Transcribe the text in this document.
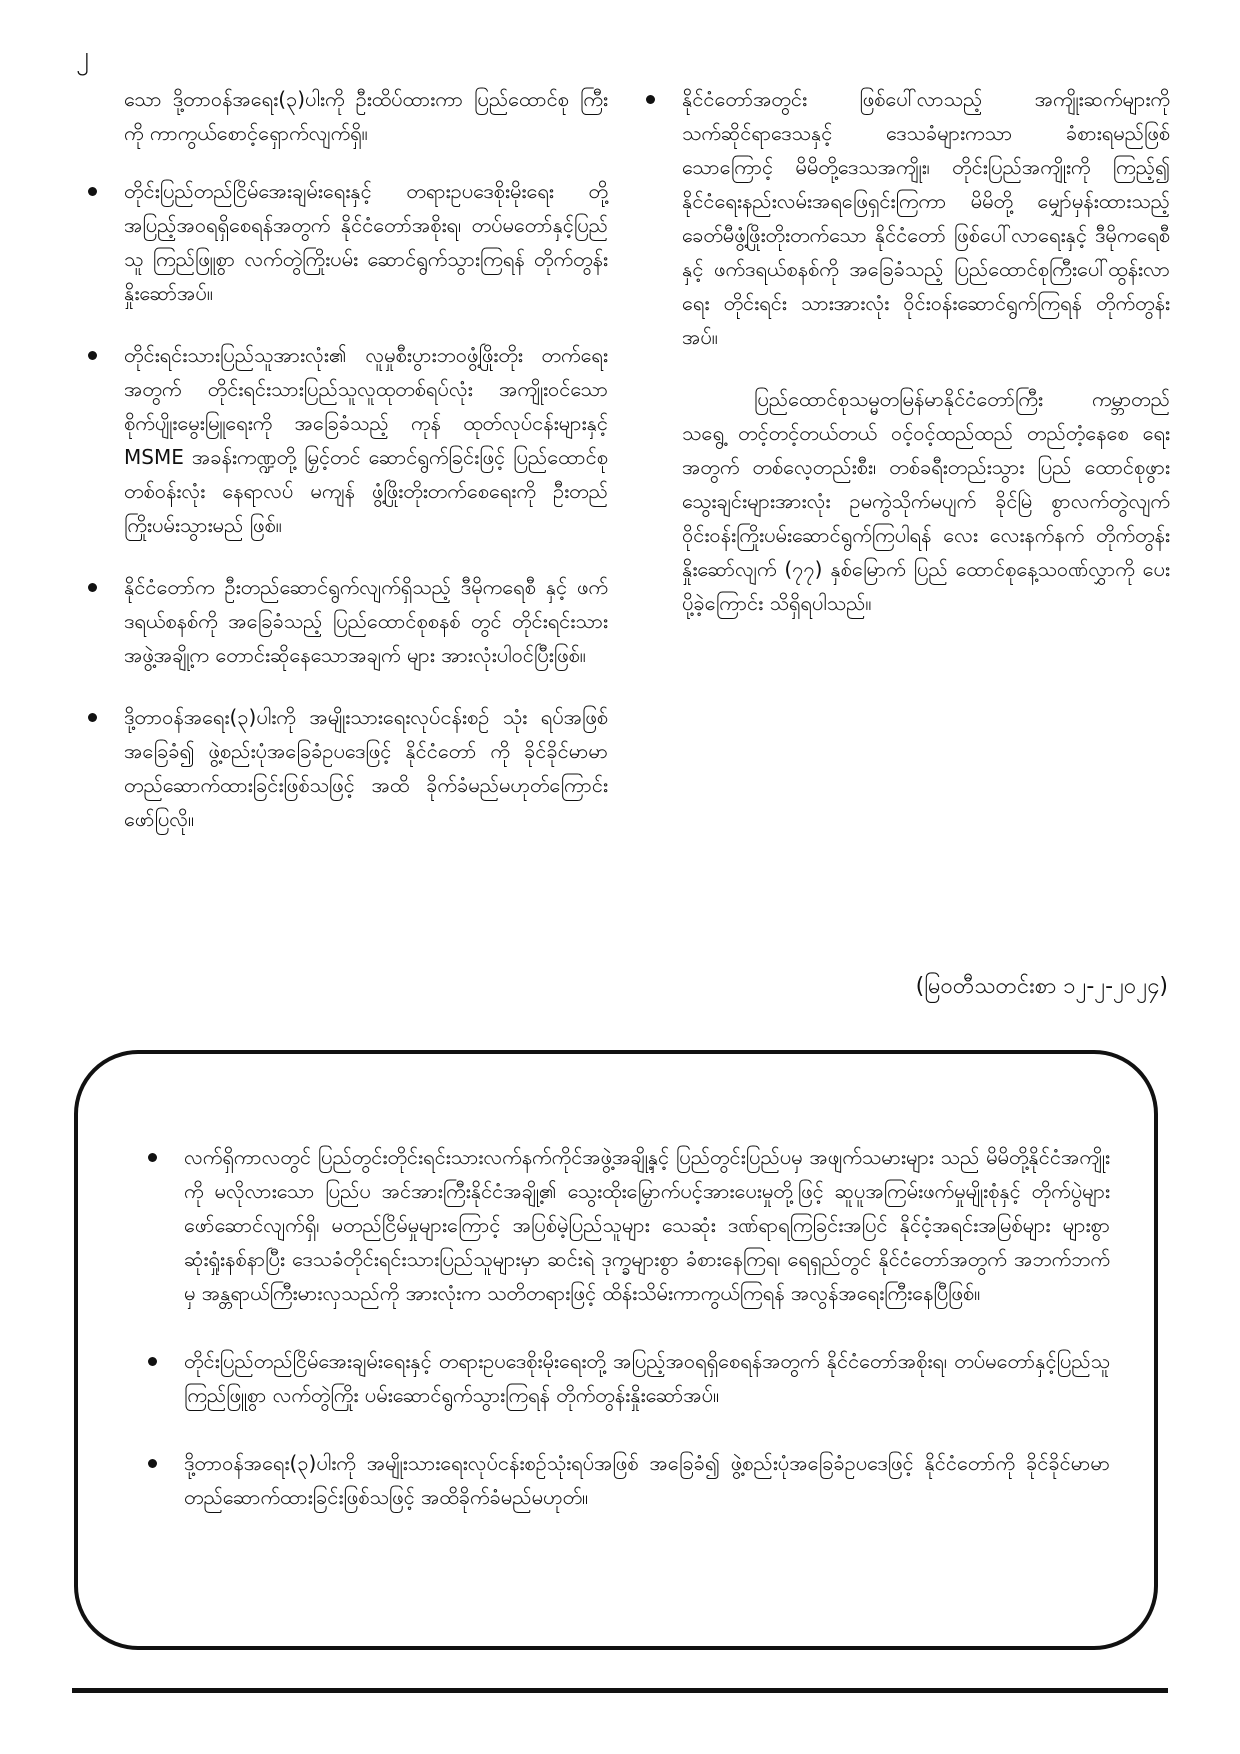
၂

သော ဒို့တာဝန်အရေး(၃)ပါးကို ဦးထိပ်ထားကာ ပြည်ထောင်စု ကြီးကို ကာကွယ်စောင့်ရှောက်လျက်ရှိ။

တိုင်းပြည်တည်ငြိမ်အေးချမ်းရေးနှင့် တရားဥပဒေစိုးမိုးရေး တို့ အပြည့်အဝရရှိစေရန်အတွက် နိုင်ငံတော်အစိုးရ၊ တပ်မတော်နှင့်ပြည်သူ ကြည်ဖြူစွာ လက်တွဲကြိုးပမ်း ဆောင်ရွက်သွားကြရန် တိုက်တွန်းနှိုးဆော်အပ်။
တိုင်းရင်းသားပြည်သူအားလုံး၏ လူမှုစီးပွားဘဝဖွံ့ဖြိုးတိုး တက်ရေးအတွက် တိုင်းရင်းသားပြည်သူလူထုတစ်ရပ်လုံး အကျိုးဝင်သော စိုက်ပျိုးမွေးမြူရေးကို အခြေခံသည့် ကုန် ထုတ်လုပ်ငန်းများနှင့် MSME အခန်းကဏ္ဍတို့ မြှင့်တင် ဆောင်ရွက်ခြင်းဖြင့် ပြည်ထောင်စုတစ်ဝန်းလုံး နေရာလပ် မကျန် ဖွံ့ဖြိုးတိုးတက်စေရေးကို ဦးတည်ကြိုးပမ်းသွားမည် ဖြစ်။
နိုင်ငံတော်က ဦးတည်ဆောင်ရွက်လျက်ရှိသည့် ဒီမိုကရေစီ နှင့် ဖက်ဒရယ်စနစ်ကို အခြေခံသည့် ပြည်ထောင်စုစနစ် တွင် တိုင်းရင်းသားအဖွဲ့အချို့က တောင်းဆိုနေသောအချက် များ အားလုံးပါဝင်ပြီးဖြစ်။
ဒို့တာဝန်အရေး(၃)ပါးကို အမျိုးသားရေးလုပ်ငန်းစဉ် သုံး ရပ်အဖြစ်အခြေခံ၍ ဖွဲ့စည်းပုံအခြေခံဥပဒေဖြင့် နိုင်ငံတော် ကို ခိုင်ခိုင်မာမာတည်ဆောက်ထားခြင်းဖြစ်သဖြင့် အထိ ခိုက်ခံမည်မဟုတ်ကြောင်း ဖော်ပြလို။
နိုင်ငံတော်အတွင်း ဖြစ်ပေါ်လာသည့် အကျိုးဆက်များကို သက်ဆိုင်ရာဒေသနှင့် ဒေသခံများကသာ ခံစားရမည်ဖြစ် သောကြောင့် မိမိတို့ဒေသအကျိုး၊ တိုင်းပြည်အကျိုးကို ကြည့်၍ နိုင်ငံရေးနည်းလမ်းအရဖြေရှင်းကြကာ မိမိတို့ မျှော်မှန်းထားသည့် ခေတ်မီဖွံ့ဖြိုးတိုးတက်သော နိုင်ငံတော် ဖြစ်ပေါ်လာရေးနှင့် ဒီမိုကရေစီနှင့် ဖက်ဒရယ်စနစ်ကို အခြေခံသည့် ပြည်ထောင်စုကြီးပေါ်ထွန်းလာရေး တိုင်းရင်း သားအားလုံး ဝိုင်းဝန်းဆောင်ရွက်ကြရန် တိုက်တွန်းအပ်။

ပြည်ထောင်စုသမ္မတမြန်မာနိုင်ငံတော်ကြီး ကမ္ဘာတည် သရွေ့ တင့်တင့်တယ်တယ် ဝင့်ဝင့်ထည်ထည် တည်တံ့နေစေ ရေးအတွက် တစ်လေ့တည်းစီး၊ တစ်ခရီးတည်းသွား ပြည် ထောင်စုဖွားသွေးချင်းများအားလုံး ဥမကွဲသိုက်မပျက် ခိုင်မြဲ စွာလက်တွဲလျက် ဝိုင်းဝန်းကြိုးပမ်းဆောင်ရွက်ကြပါရန် လေး လေးနက်နက် တိုက်တွန်းနှိုးဆော်လျက် (၇၇) နှစ်မြောက် ပြည် ထောင်စုနေ့သဝဏ်လွှာကို ပေးပို့ခဲ့ကြောင်း သိရှိရပါသည်။

(မြဝတီသတင်းစာ ၁၂-၂-၂၀၂၄)
လက်ရှိကာလတွင် ပြည်တွင်းတိုင်းရင်းသားလက်နက်ကိုင်အဖွဲ့အချို့နှင့် ပြည်တွင်းပြည်ပမှ အဖျက်သမားများ သည် မိမိတို့နိုင်ငံအကျိုးကို မလိုလားသော ပြည်ပ အင်အားကြီးနိုင်ငံအချို့၏ သွေးထိုးမြှောက်ပင့်အားပေးမှုတို့ဖြင့် ဆူပူအကြမ်းဖက်မှုမျိုးစုံနှင့် တိုက်ပွဲများဖော်ဆောင်လျက်ရှိ၊ မတည်ငြိမ်မှုများကြောင့် အပြစ်မဲ့ပြည်သူများ သေဆုံး ဒဏ်ရာရကြခြင်းအပြင် နိုင်ငံ့အရင်းအမြစ်များ များစွာဆုံးရှုံးနစ်နာပြီး ဒေသခံတိုင်းရင်းသားပြည်သူများမှာ ဆင်းရဲ ဒုက္ခများစွာ ခံစားနေကြရ၊ ရေရှည်တွင် နိုင်ငံတော်အတွက် အဘက်ဘက်မှ အန္တရာယ်ကြီးမားလှသည်ကို အားလုံးက သတိတရားဖြင့် ထိန်းသိမ်းကာကွယ်ကြရန် အလွန်အရေးကြီးနေပြီဖြစ်။
တိုင်းပြည်တည်ငြိမ်အေးချမ်းရေးနှင့် တရားဥပဒေစိုးမိုးရေးတို့ အပြည့်အဝရရှိစေရန်အတွက် နိုင်ငံတော်အစိုးရ၊ တပ်မတော်နှင့်ပြည်သူ ကြည်ဖြူစွာ လက်တွဲကြိုး ပမ်းဆောင်ရွက်သွားကြရန် တိုက်တွန်းနှိုးဆော်အပ်။
ဒို့တာဝန်အရေး(၃)ပါးကို အမျိုးသားရေးလုပ်ငန်းစဉ်သုံးရပ်အဖြစ် အခြေခံ၍ ဖွဲ့စည်းပုံအခြေခံဥပဒေဖြင့် နိုင်ငံတော်ကို ခိုင်ခိုင်မာမာတည်ဆောက်ထားခြင်းဖြစ်သဖြင့် အထိခိုက်ခံမည်မဟုတ်။
